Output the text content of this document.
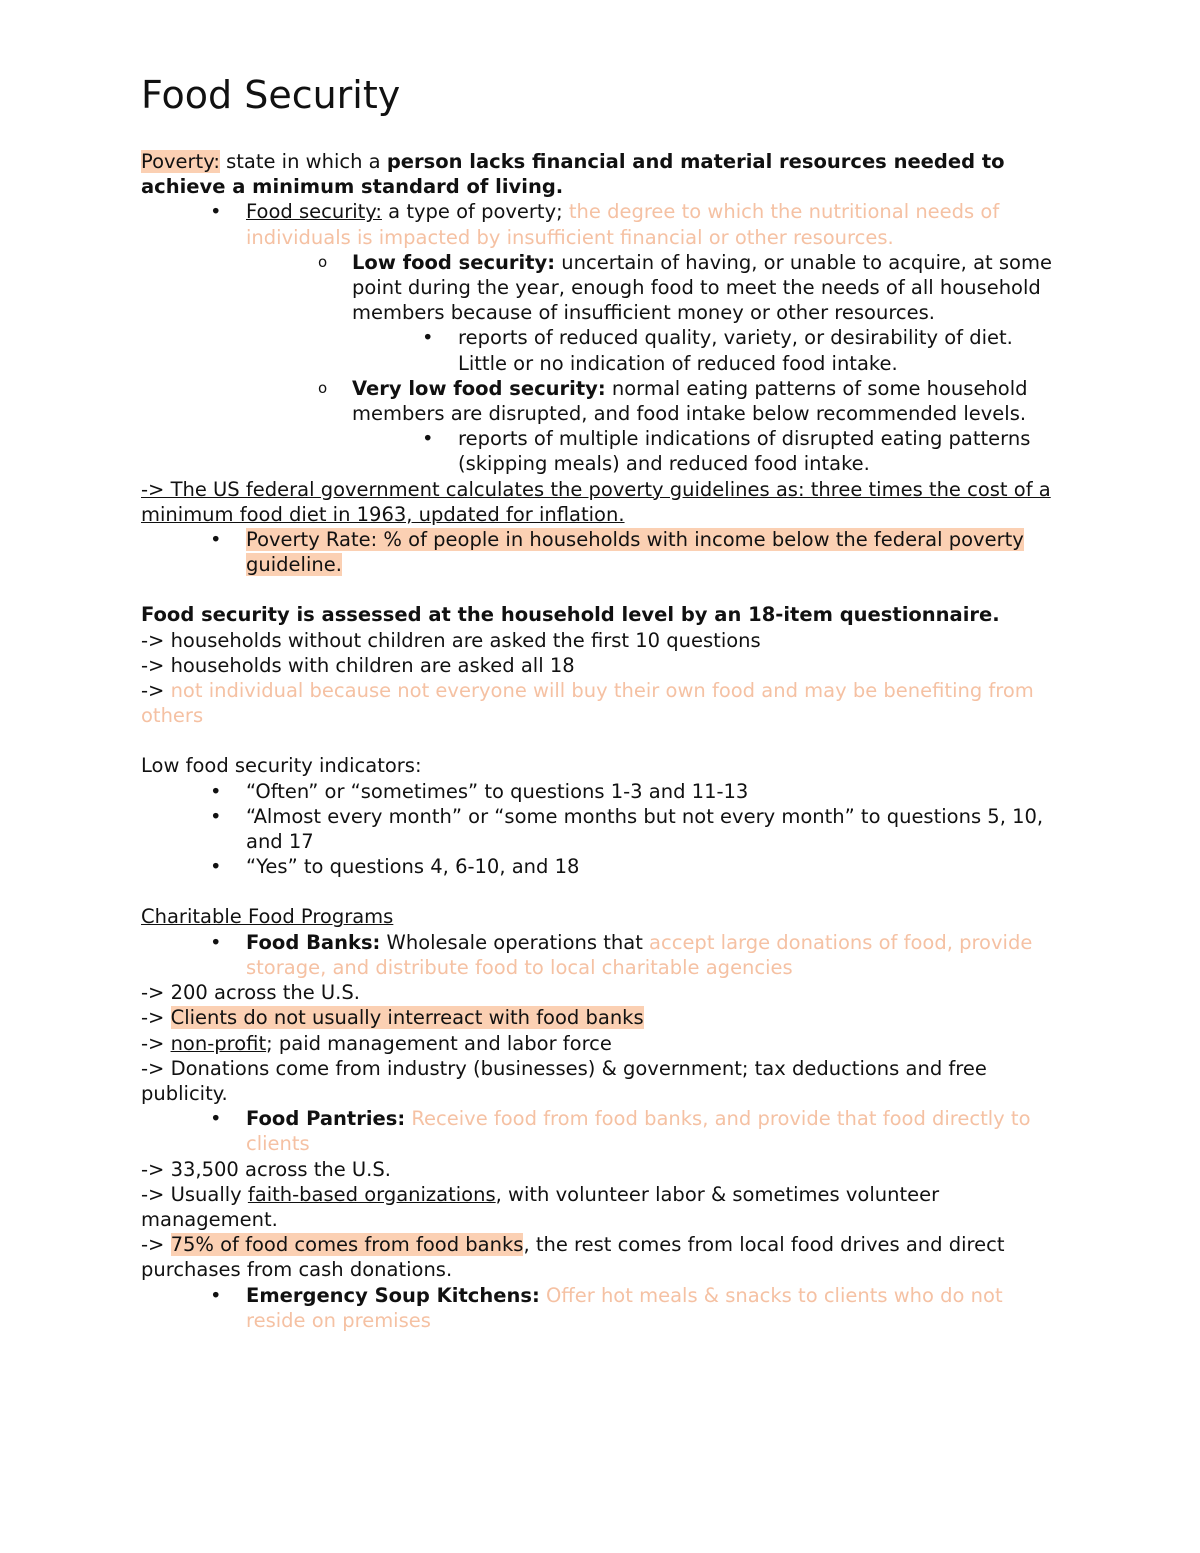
Food Security

Poverty: state in which a person lacks financial and material resources needed to achieve a minimum standard of living.

•	Food security: a type of poverty; the degree to which the nutritional needs of individuals is impacted by insufficient financial or other resources.
o	Low food security: uncertain of having, or unable to acquire, at some point during the year, enough food to meet the needs of all household members because of insufficient money or other resources.
•	reports of reduced quality, variety, or desirability of diet. Little or no indication of reduced food intake.
o	Very low food security: normal eating patterns of some household members are disrupted, and food intake below recommended levels.
•	reports of multiple indications of disrupted eating patterns (skipping meals) and reduced food intake.

-> The US federal government calculates the poverty guidelines as: three times the cost of a minimum food diet in 1963, updated for inflation.

•	Poverty Rate: % of people in households with income below the federal poverty guideline.

Food security is assessed at the household level by an 18-item questionnaire.

-> households without children are asked the first 10 questions

-> households with children are asked all 18

-> not individual because not everyone will buy their own food and may be benefiting from others

Low food security indicators:

•	“Often” or “sometimes” to questions 1-3 and 11-13
•	“Almost every month” or “some months but not every month” to questions 5, 10, and 17
•	“Yes” to questions 4, 6-10, and 18

Charitable Food Programs

•	Food Banks: Wholesale operations that accept large donations of food, provide storage, and distribute food to local charitable agencies

-> 200 across the U.S.

-> Clients do not usually interreact with food banks

-> non-profit; paid management and labor force

-> Donations come from industry (businesses) & government; tax deductions and free publicity.

•	Food Pantries: Receive food from food banks, and provide that food directly to clients

-> 33,500 across the U.S.

-> Usually faith-based organizations, with volunteer labor & sometimes volunteer management.

-> 75% of food comes from food banks, the rest comes from local food drives and direct purchases from cash donations.

•	Emergency Soup Kitchens: Offer hot meals & snacks to clients who do not reside on premises
